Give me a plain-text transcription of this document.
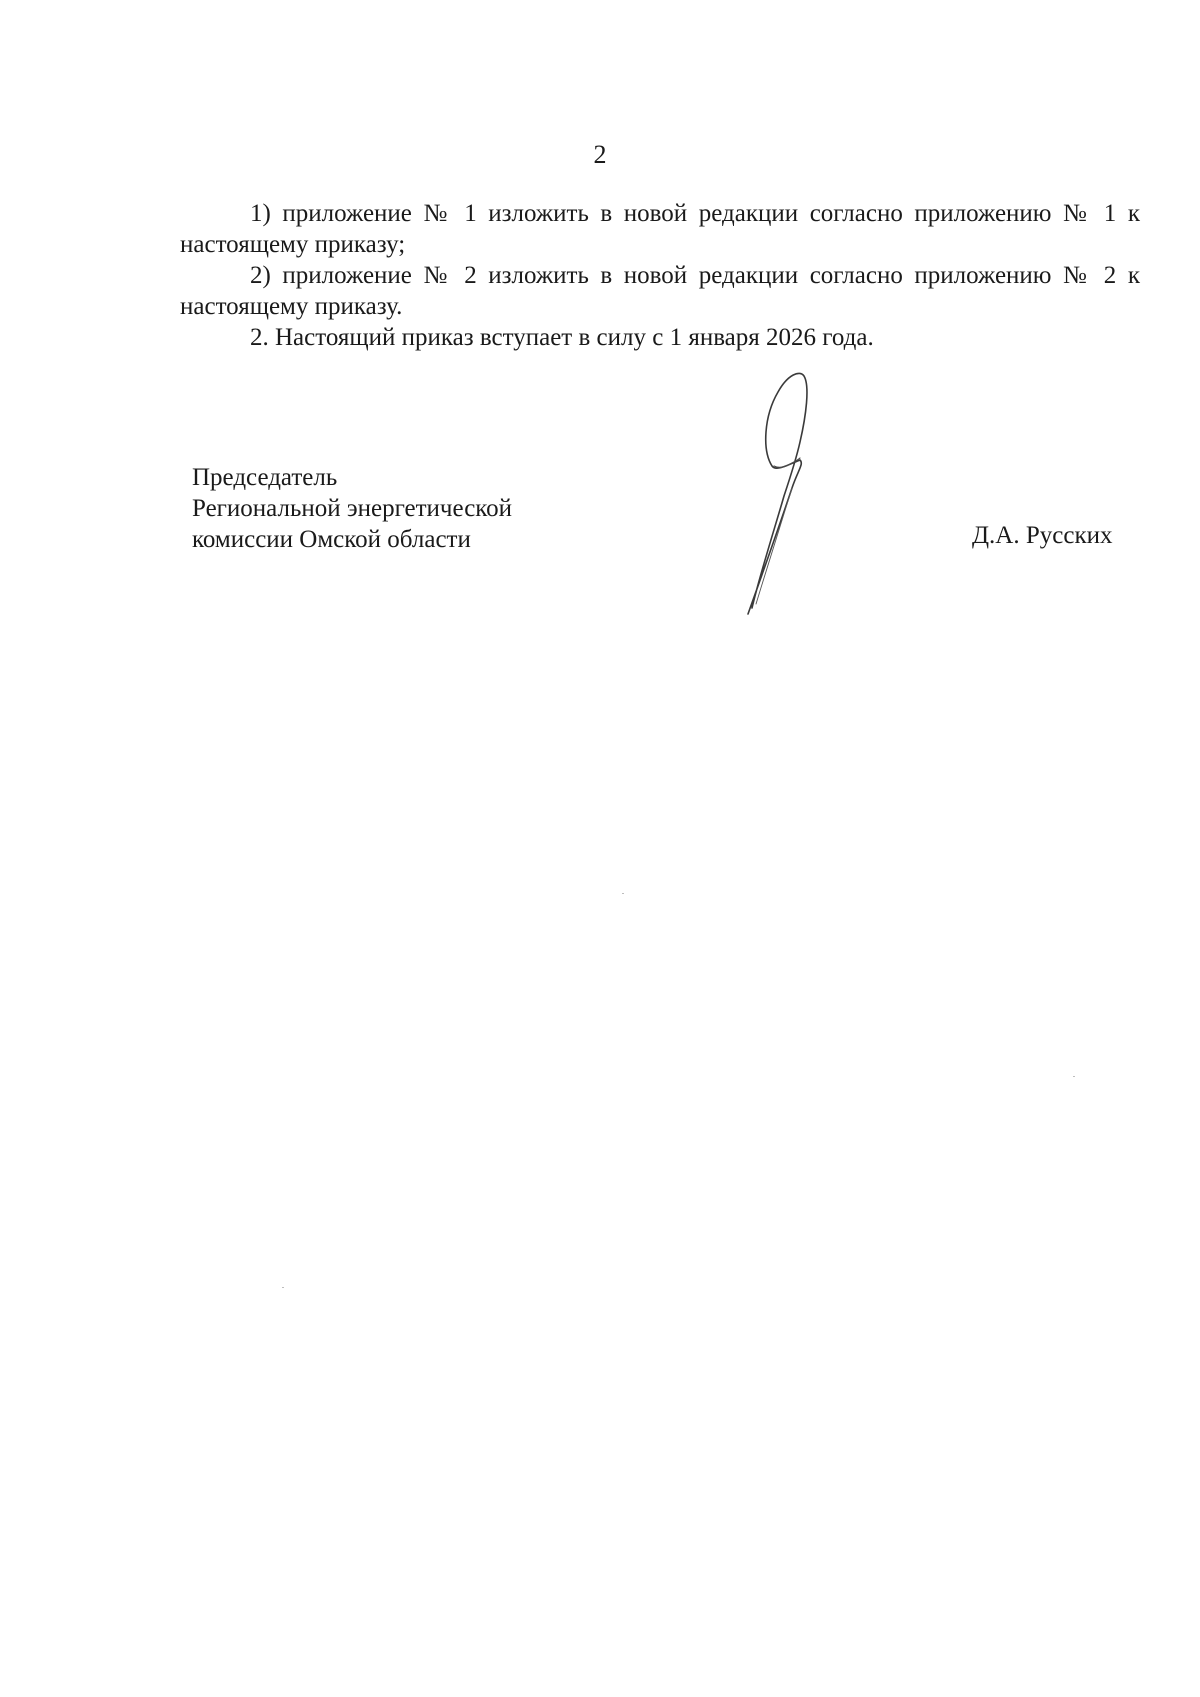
2

1) приложение № 1 изложить в новой редакции согласно приложению № 1 к настоящему приказу;

2) приложение № 2 изложить в новой редакции согласно приложению № 2 к настоящему приказу.

2. Настоящий приказ вступает в силу с 1 января 2026 года.

Председатель
Региональной энергетической
комиссии Омской области	Д.А. Русских
